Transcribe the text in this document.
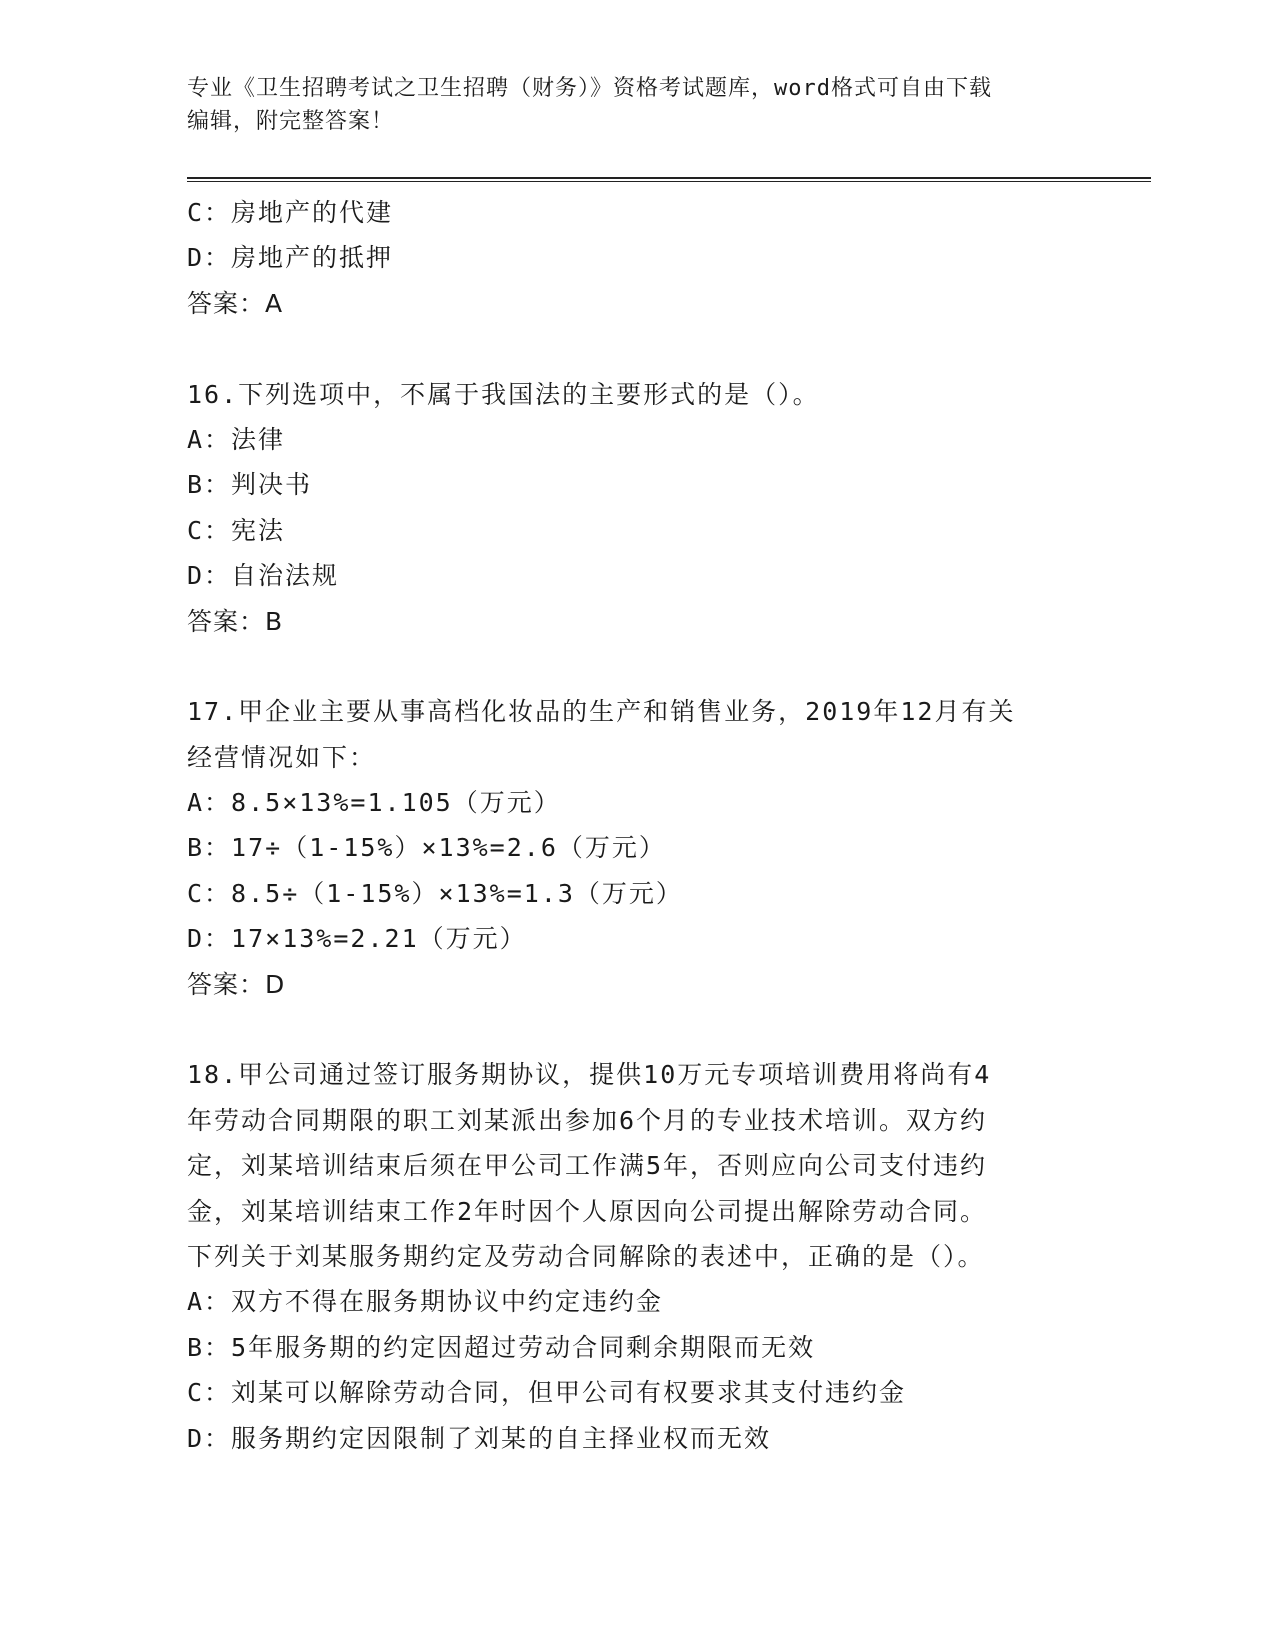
专业《卫生招聘考试之卫生招聘（财务）》资格考试题库，word格式可自由下载
编辑，附完整答案！
C：房地产的代建
D：房地产的抵押
答案：A
16.下列选项中，不属于我国法的主要形式的是（）。
A：法律
B：判决书
C：宪法
D：自治法规
答案：B
17.甲企业主要从事高档化妆品的生产和销售业务，2019年12月有关
经营情况如下：
A：8.5×13%=1.105（万元）
B：17÷（1-15%）×13%=2.6（万元）
C：8.5÷（1-15%）×13%=1.3（万元）
D：17×13%=2.21（万元）
答案：D
18.甲公司通过签订服务期协议，提供10万元专项培训费用将尚有4
年劳动合同期限的职工刘某派出参加6个月的专业技术培训。双方约
定，刘某培训结束后须在甲公司工作满5年，否则应向公司支付违约
金，刘某培训结束工作2年时因个人原因向公司提出解除劳动合同。
下列关于刘某服务期约定及劳动合同解除的表述中，正确的是（）。
A：双方不得在服务期协议中约定违约金
B：5年服务期的约定因超过劳动合同剩余期限而无效
C：刘某可以解除劳动合同，但甲公司有权要求其支付违约金
D：服务期约定因限制了刘某的自主择业权而无效
